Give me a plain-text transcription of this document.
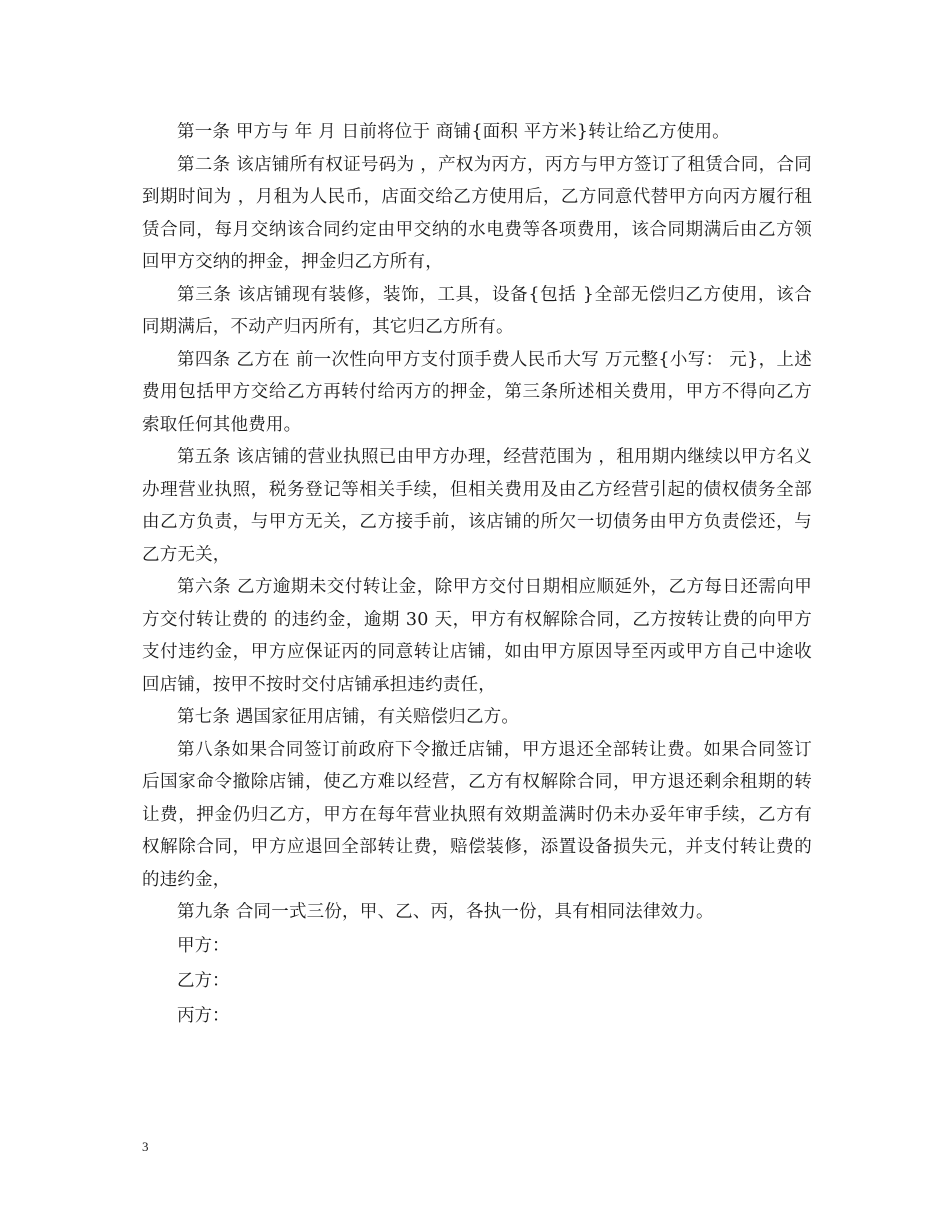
第一条 甲方与 年 月 日前将位于 商铺{面积 平方米}转让给乙方使用。

第二条 该店铺所有权证号码为 ，产权为丙方，丙方与甲方签订了租赁合同，合同到期时间为 ，月租为人民币，店面交给乙方使用后，乙方同意代替甲方向丙方履行租赁合同，每月交纳该合同约定由甲交纳的水电费等各项费用，该合同期满后由乙方领回甲方交纳的押金，押金归乙方所有，

第三条 该店铺现有装修，装饰，工具，设备{包括 }全部无偿归乙方使用，该合同期满后，不动产归丙所有，其它归乙方所有。

第四条 乙方在 前一次性向甲方支付顶手费人民币大写 万元整{小写： 元}，上述费用包括甲方交给乙方再转付给丙方的押金，第三条所述相关费用，甲方不得向乙方索取任何其他费用。

第五条 该店铺的营业执照已由甲方办理，经营范围为 ，租用期内继续以甲方名义办理营业执照，税务登记等相关手续，但相关费用及由乙方经营引起的债权债务全部由乙方负责，与甲方无关，乙方接手前，该店铺的所欠一切债务由甲方负责偿还，与乙方无关，

第六条 乙方逾期未交付转让金，除甲方交付日期相应顺延外，乙方每日还需向甲方交付转让费的 的违约金，逾期 30 天，甲方有权解除合同，乙方按转让费的向甲方支付违约金，甲方应保证丙的同意转让店铺，如由甲方原因导至丙或甲方自己中途收回店铺，按甲不按时交付店铺承担违约责任，

第七条 遇国家征用店铺，有关赔偿归乙方。

第八条如果合同签订前政府下令撤迁店铺，甲方退还全部转让费。如果合同签订后国家命令撤除店铺，使乙方难以经营，乙方有权解除合同，甲方退还剩余租期的转让费，押金仍归乙方，甲方在每年营业执照有效期盖满时仍未办妥年审手续，乙方有权解除合同，甲方应退回全部转让费，赔偿装修，添置设备损失元，并支付转让费的 的违约金，

第九条 合同一式三份，甲、乙、丙，各执一份，具有相同法律效力。

甲方：

乙方：

丙方：

3
